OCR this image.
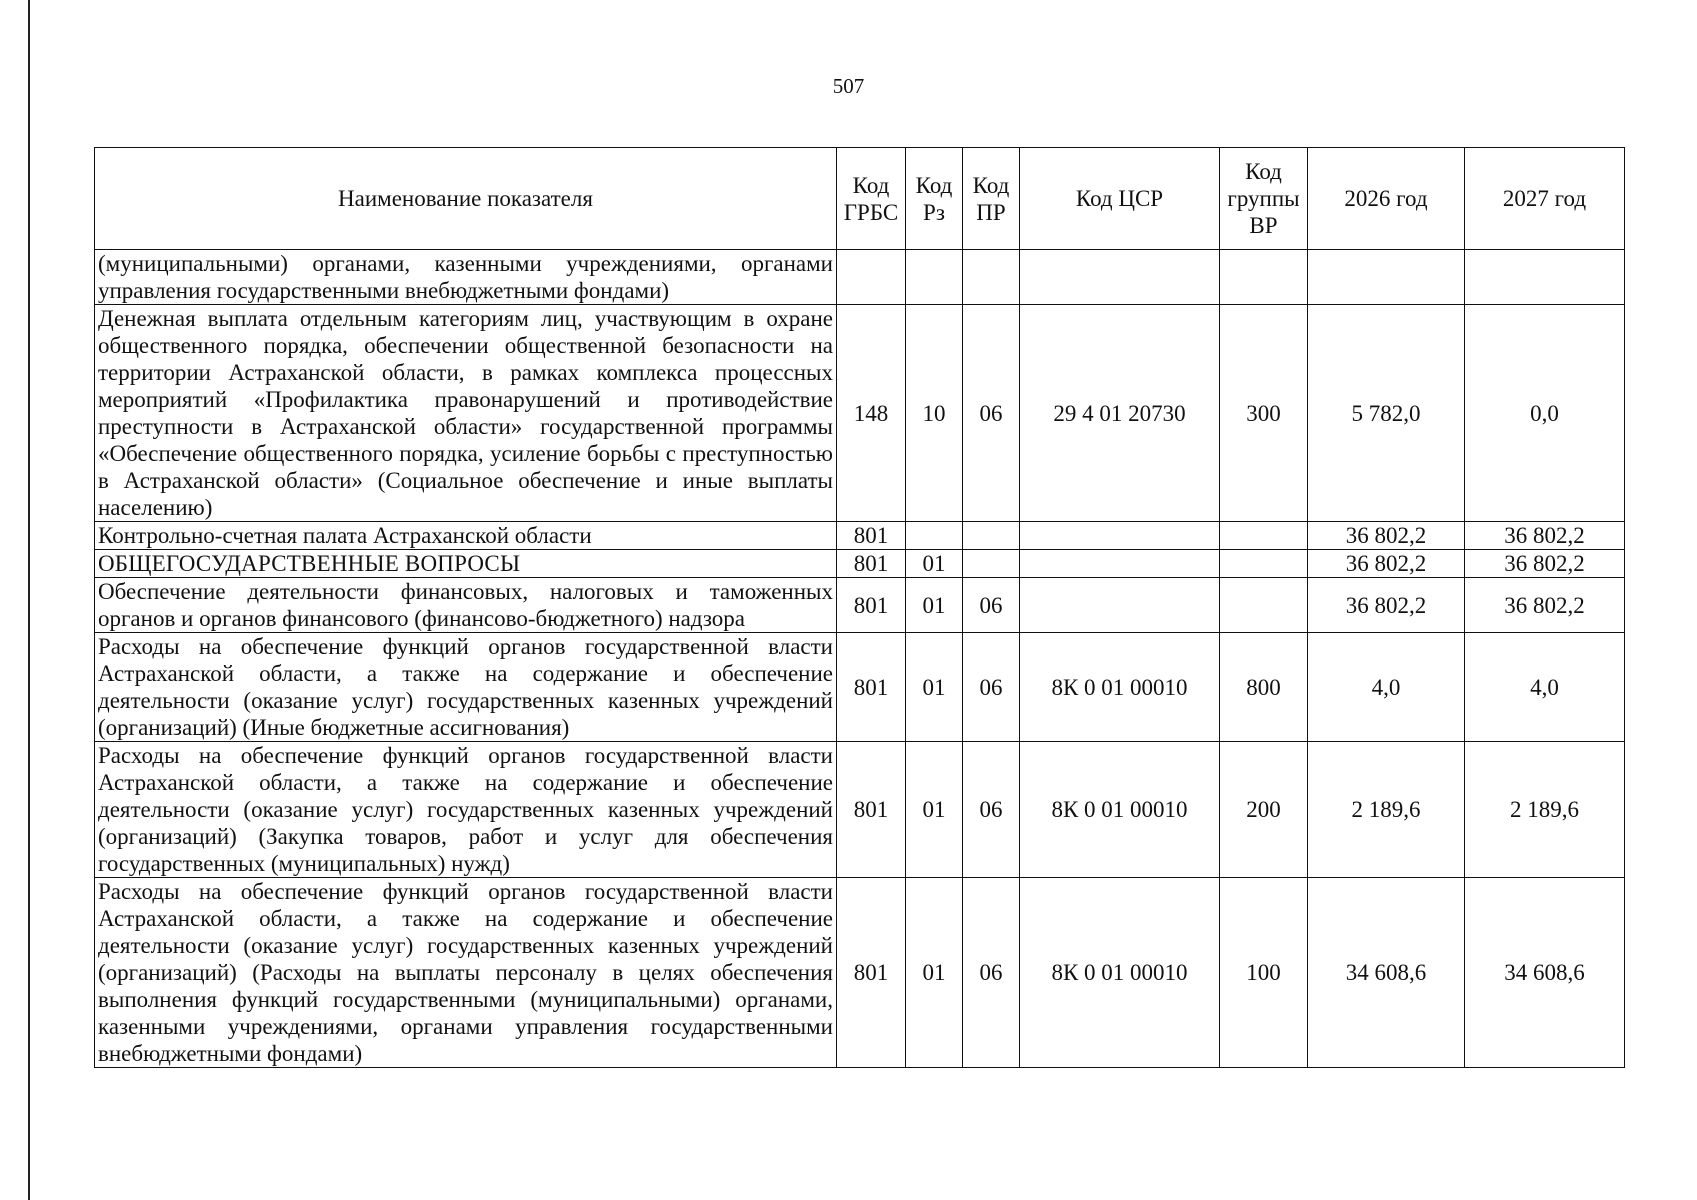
507
Наименование показателя	Код ГРБС	Код Рз	Код ПР	Код ЦСР	Код группы ВР	2026 год	2027 год
(муниципальными) органами, казенными учреждениями, органами управления государственными внебюджетными фондами)							
Денежная выплата отдельным категориям лиц, участвующим в охране общественного порядка, обеспечении общественной безопасности на территории Астраханской области, в рамках комплекса процессных мероприятий «Профилактика правонарушений и противодействие преступности в Астраханской области» государственной программы «Обеспечение общественного порядка, усиление борьбы с преступностью в Астраханской области» (Социальное обеспечение и иные выплаты населению)	148	10	06	29 4 01 20730	300	5 782,0	0,0
Контрольно-счетная палата Астраханской области	801					36 802,2	36 802,2
ОБЩЕГОСУДАРСТВЕННЫЕ ВОПРОСЫ	801	01				36 802,2	36 802,2
Обеспечение деятельности финансовых, налоговых и таможенных органов и органов финансового (финансово-бюджетного) надзора	801	01	06			36 802,2	36 802,2
Расходы на обеспечение функций органов государственной власти Астраханской области, а также на содержание и обеспечение деятельности (оказание услуг) государственных казенных учреждений (организаций) (Иные бюджетные ассигнования)	801	01	06	8К 0 01 00010	800	4,0	4,0
Расходы на обеспечение функций органов государственной власти Астраханской области, а также на содержание и обеспечение деятельности (оказание услуг) государственных казенных учреждений (организаций) (Закупка товаров, работ и услуг для обеспечения государственных (муниципальных) нужд)	801	01	06	8К 0 01 00010	200	2 189,6	2 189,6
Расходы на обеспечение функций органов государственной власти Астраханской области, а также на содержание и обеспечение деятельности (оказание услуг) государственных казенных учреждений (организаций) (Расходы на выплаты персоналу в целях обеспечения выполнения функций государственными (муниципальными) органами, казенными учреждениями, органами управления государственными внебюджетными фондами)	801	01	06	8К 0 01 00010	100	34 608,6	34 608,6
